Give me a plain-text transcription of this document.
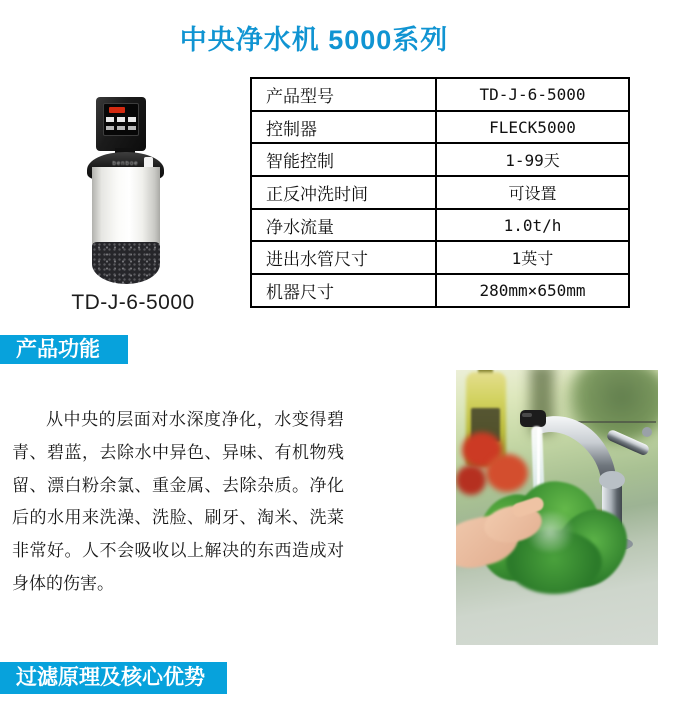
中央净水机 5000系列
benboe
TD-J-6-5000
产品型号	TD-J-6-5000
控制器	FLECK5000
智能控制	1-99天
正反冲洗时间	可设置
净水流量	1.0t/h
进出水管尺寸	1英寸
机器尺寸	280mm×650mm
产品功能

从中央的层面对水深度净化，水变得碧青、碧蓝，去除水中异色、异味、有机物残留、漂白粉余氯、重金属、去除杂质。净化后的水用来洗澡、洗脸、刷牙、淘米、洗菜非常好。人不会吸收以上解决的东西造成对身体的伤害。

过滤原理及核心优势
